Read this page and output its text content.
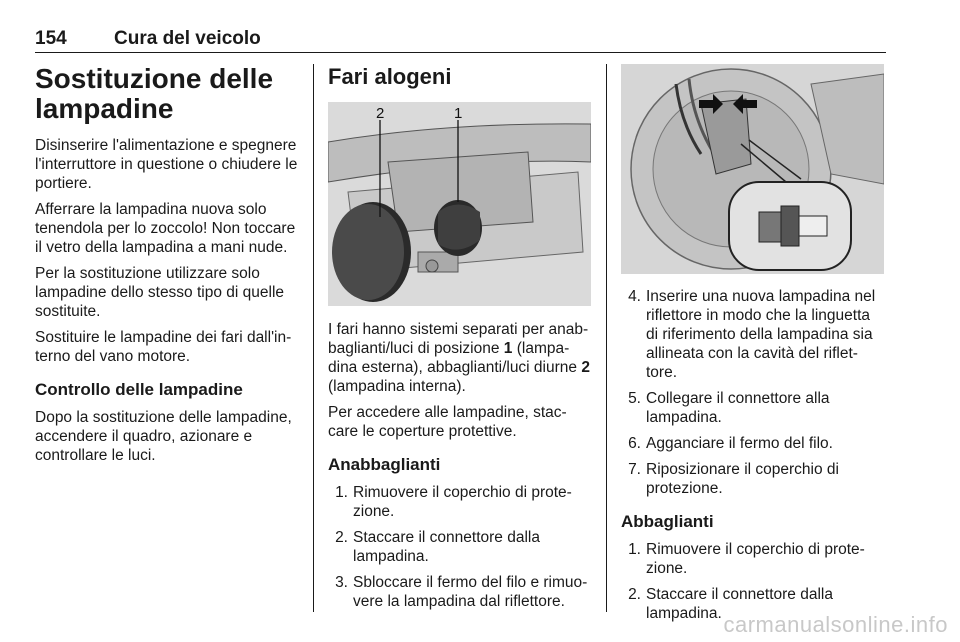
154 Cura del veicolo
Sostituzione delle lampadine

Disinserire l'alimentazione e spegnere l'interruttore in questione o chiudere le portiere.

Afferrare la lampadina nuova solo tenendola per lo zoccolo! Non toccare il vetro della lampadina a mani nude.

Per la sostituzione utilizzare solo lampadine dello stesso tipo di quelle sostituite.

Sostituire le lampadine dei fari dall'in-terno del vano motore.

Controllo delle lampadine

Dopo la sostituzione delle lampadine, accendere il quadro, azionare e controllare le luci.

Fari alogeni
2	1

I fari hanno sistemi separati per anab-baglianti/luci di posizione 1 (lampa-dina esterna), abbaglianti/luci diurne 2 (lampadina interna).

Per accedere alle lampadine, stac-care le coperture protettive.

Anabbaglianti
1. Rimuovere il coperchio di prote-zione.
2. Staccare il connettore dalla lampadina.
3. Sbloccare il fermo del filo e rimuo-vere la lampadina dal riflettore.
4. Inserire una nuova lampadina nel riflettore in modo che la linguetta di riferimento della lampadina sia allineata con la cavità del riflet-tore.
5. Collegare il connettore alla lampadina.
6. Agganciare il fermo del filo.
7. Riposizionare il coperchio di protezione.
Abbaglianti
1. Rimuovere il coperchio di prote-zione.
2. Staccare il connettore dalla lampadina. carmanualsonline.info
